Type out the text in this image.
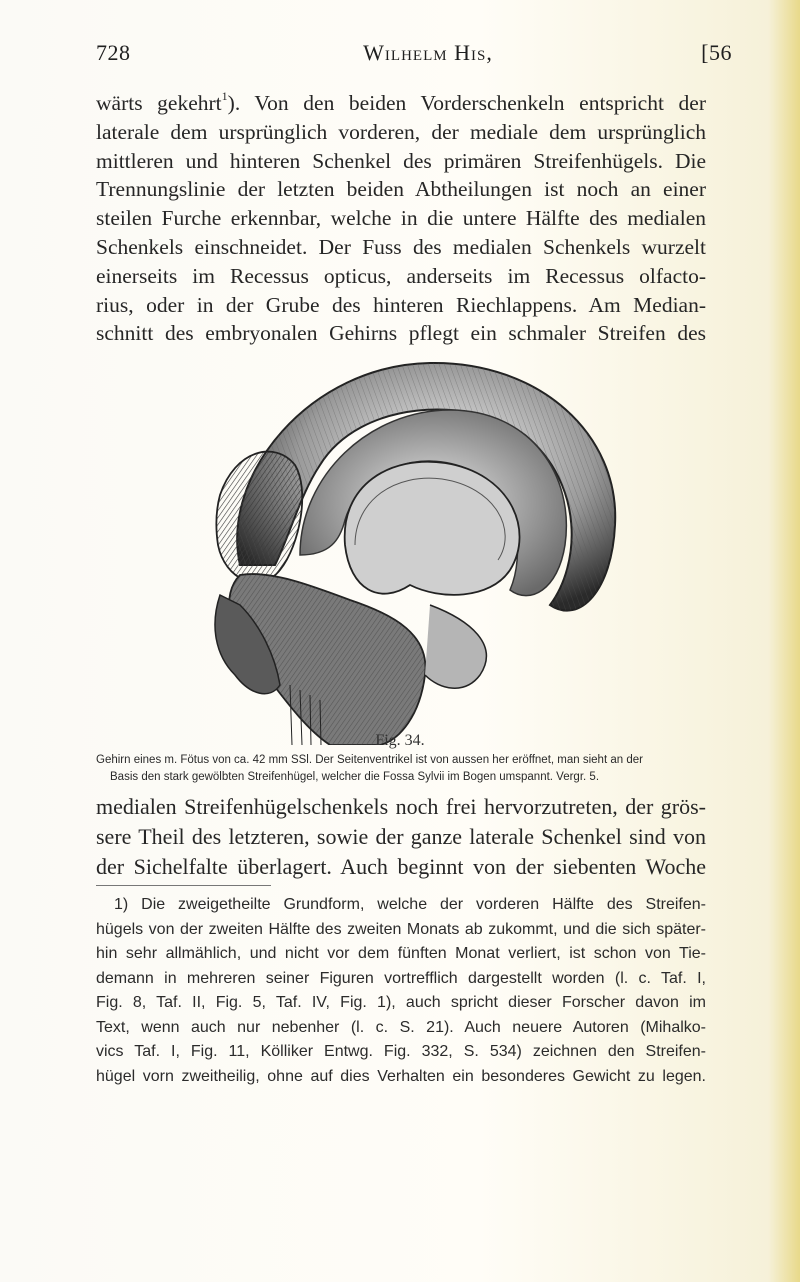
728	Wilhelm His,	[56
wärts gekehrt$^1$). Von den beiden Vorderschenkeln entspricht der
laterale dem ursprünglich vorderen, der mediale dem ursprünglich
mittleren und hinteren Schenkel des primären Streifenhügels. Die
Trennungslinie der letzten beiden Abtheilungen ist noch an einer
steilen Furche erkennbar, welche in die untere Hälfte des medialen
Schenkels einschneidet. Der Fuss des medialen Schenkels wurzelt
einerseits im Recessus opticus, anderseits im Recessus olfacto-
rius, oder in der Grube des hinteren Riechlappens. Am Median-
schnitt des embryonalen Gehirns pflegt ein schmaler Streifen des
Fig. 34.
Gehirn eines m. Fötus von ca. 42 mm SSl. Der Seitenventrikel ist von aussen her eröffnet, man sieht an der
Basis den stark gewölbten Streifenhügel, welcher die Fossa Sylvii im Bogen umspannt. Vergr. 5.
medialen Streifenhügelschenkels noch frei hervorzutreten, der grös-
sere Theil des letzteren, sowie der ganze laterale Schenkel sind von
der Sichelfalte überlagert. Auch beginnt von der siebenten Woche
1) Die zweigetheilte Grundform, welche der vorderen Hälfte des Streifen-
hügels von der zweiten Hälfte des zweiten Monats ab zukommt, und die sich später-
hin sehr allmählich, und nicht vor dem fünften Monat verliert, ist schon von Tie-
demann in mehreren seiner Figuren vortrefflich dargestellt worden (l. c. Taf. I,
Fig. 8, Taf. II, Fig. 5, Taf. IV, Fig. 1), auch spricht dieser Forscher davon im
Text, wenn auch nur nebenher (l. c. S. 21). Auch neuere Autoren (Mihalko-
vics Taf. I, Fig. 11, Kölliker Entwg. Fig. 332, S. 534) zeichnen den Streifen-
hügel vorn zweitheilig, ohne auf dies Verhalten ein besonderes Gewicht zu legen.
